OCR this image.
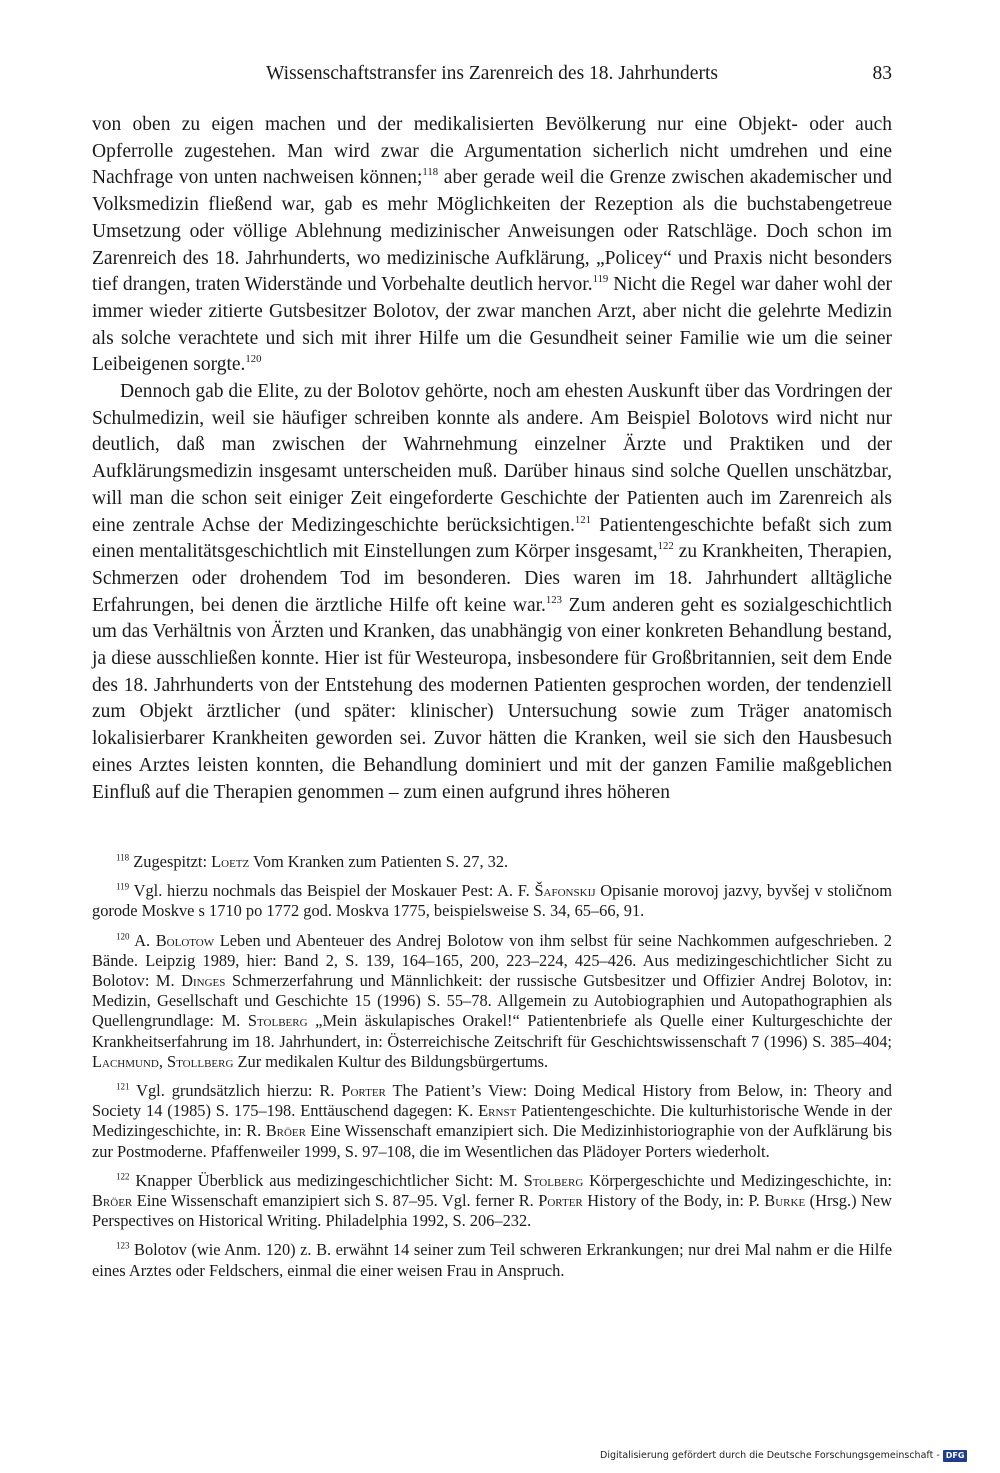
Wissenschaftstransfer ins Zarenreich des 18. Jahrhunderts	83

von oben zu eigen machen und der medikalisierten Bevölkerung nur eine Objekt- oder auch Opferrolle zugestehen. Man wird zwar die Argumentation sicherlich nicht umdrehen und eine Nachfrage von unten nachweisen können;$^{118}$ aber gerade weil die Grenze zwischen akademischer und Volksmedizin fließend war, gab es mehr Möglichkeiten der Rezeption als die buchstabengetreue Umsetzung oder völlige Ablehnung medizinischer Anweisungen oder Ratschläge. Doch schon im Zarenreich des 18. Jahrhunderts, wo medizinische Aufklärung, „Policey“ und Praxis nicht besonders tief drangen, traten Widerstände und Vorbehalte deutlich hervor.$^{119}$ Nicht die Regel war daher wohl der immer wieder zitierte Gutsbesitzer Bolotov, der zwar manchen Arzt, aber nicht die gelehrte Medizin als solche verachtete und sich mit ihrer Hilfe um die Gesundheit seiner Familie wie um die seiner Leibeigenen sorgte.$^{120}$

Dennoch gab die Elite, zu der Bolotov gehörte, noch am ehesten Auskunft über das Vordringen der Schulmedizin, weil sie häufiger schreiben konnte als andere. Am Beispiel Bolotovs wird nicht nur deutlich, daß man zwischen der Wahrnehmung einzelner Ärzte und Praktiken und der Aufklärungsmedizin insgesamt unterscheiden muß. Darüber hinaus sind solche Quellen unschätzbar, will man die schon seit einiger Zeit eingeforderte Geschichte der Patienten auch im Zarenreich als eine zentrale Achse der Medizingeschichte berücksichtigen.$^{121}$ Patientengeschichte befaßt sich zum einen mentalitätsgeschichtlich mit Einstellungen zum Körper insgesamt,$^{122}$ zu Krankheiten, Therapien, Schmerzen oder drohendem Tod im besonderen. Dies waren im 18. Jahrhundert alltägliche Erfahrungen, bei denen die ärztliche Hilfe oft keine war.$^{123}$ Zum anderen geht es sozialgeschichtlich um das Verhältnis von Ärzten und Kranken, das unabhängig von einer konkreten Behandlung bestand, ja diese ausschließen konnte. Hier ist für Westeuropa, insbesondere für Großbritannien, seit dem Ende des 18. Jahrhunderts von der Entstehung des modernen Patienten gesprochen worden, der tendenziell zum Objekt ärztlicher (und später: klinischer) Untersuchung sowie zum Träger anatomisch lokalisierbarer Krankheiten geworden sei. Zuvor hätten die Kranken, weil sie sich den Hausbesuch eines Arztes leisten konnten, die Behandlung dominiert und mit der ganzen Familie maßgeblichen Einfluß auf die Therapien genommen – zum einen aufgrund ihres höheren

$^{118}$ Zugespitzt: Loetz Vom Kranken zum Patienten S. 27, 32.

$^{119}$ Vgl. hierzu nochmals das Beispiel der Moskauer Pest: A. F. Šafonskij Opisanie morovoj jazvy, byvšej v stoličnom gorode Moskve s 1710 po 1772 god. Moskva 1775, beispielsweise S. 34, 65–66, 91.

$^{120}$ A. Bolotow Leben und Abenteuer des Andrej Bolotow von ihm selbst für seine Nachkommen aufgeschrieben. 2 Bände. Leipzig 1989, hier: Band 2, S. 139, 164–165, 200, 223–224, 425–426. Aus medizingeschichtlicher Sicht zu Bolotov: M. Dinges Schmerzerfahrung und Männlichkeit: der russische Gutsbesitzer und Offizier Andrej Bolotov, in: Medizin, Gesellschaft und Geschichte 15 (1996) S. 55–78. Allgemein zu Autobiographien und Autopathographien als Quellengrundlage: M. Stolberg „Mein äskulapisches Orakel!“ Patientenbriefe als Quelle einer Kulturgeschichte der Krankheitserfahrung im 18. Jahrhundert, in: Österreichische Zeitschrift für Geschichtswissenschaft 7 (1996) S. 385–404; Lachmund, Stollberg Zur medikalen Kultur des Bildungsbürgertums.

$^{121}$ Vgl. grundsätzlich hierzu: R. Porter The Patient’s View: Doing Medical History from Below, in: Theory and Society 14 (1985) S. 175–198. Enttäuschend dagegen: K. Ernst Patientengeschichte. Die kulturhistorische Wende in der Medizingeschichte, in: R. Bröer Eine Wissenschaft emanzipiert sich. Die Medizinhistoriographie von der Aufklärung bis zur Postmoderne. Pfaffenweiler 1999, S. 97–108, die im Wesentlichen das Plädoyer Porters wiederholt.

$^{122}$ Knapper Überblick aus medizingeschichtlicher Sicht: M. Stolberg Körpergeschichte und Medizingeschichte, in: Bröer Eine Wissenschaft emanzipiert sich S. 87–95. Vgl. ferner R. Porter History of the Body, in: P. Burke (Hrsg.) New Perspectives on Historical Writing. Philadelphia 1992, S. 206–232.

$^{123}$ Bolotov (wie Anm. 120) z. B. erwähnt 14 seiner zum Teil schweren Erkrankungen; nur drei Mal nahm er die Hilfe eines Arztes oder Feldschers, einmal die einer weisen Frau in Anspruch.

Digitalisierung gefördert durch die Deutsche Forschungsgemeinschaft - DFG
